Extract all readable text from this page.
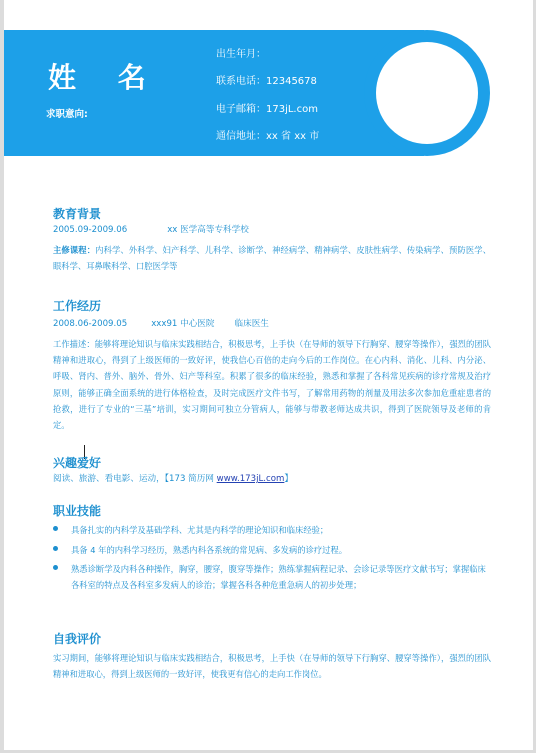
姓 名
求职意向:
出生年月：
联系电话：12345678
电子邮箱：173jL.com
通信地址：xx 省 xx 市
教育背景
2005.09-2009.06	xx 医学高等专科学校
主修课程：内科学、外科学、妇产科学、儿科学、诊断学、神经病学、精神病学、皮肤性病学、传染病学、预防医学、眼科学、耳鼻喉科学、口腔医学等
工作经历
2008.06-2009.05	xxx91 中心医院 临床医生
工作描述：能够将理论知识与临床实践相结合，积极思考，上手快（在导师的领导下行胸穿、腰穿等操作），强烈的团队精神和进取心，得到了上级医师的一致好评，使我信心百倍的走向今后的工作岗位。在心内科、消化、儿科、内分泌、呼吸、肾内、普外、脑外、骨外、妇产等科室。积累了很多的临床经验，熟悉和掌握了各科常见疾病的诊疗常规及治疗原则，能够正确全面系统的进行体格检查，及时完成医疗文件书写，了解常用药物的剂量及用法多次参加危重症患者的抢救，进行了专业的“三基”培训，实习期间可独立分管病人，能够与带教老师达成共识，得到了医院领导及老师的肯定。
兴趣爱好
阅读、旅游、看电影、运动，【173 简历网 www.173jL.com】
职业技能
具备扎实的内科学及基础学科、尤其是内科学的理论知识和临床经验；
具备 4 年的内科学习经历，熟悉内科各系统的常见病、多发病的诊疗过程。
熟悉诊断学及内科各种操作，胸穿，腰穿，腹穿等操作；熟练掌握病程记录、会诊记录等医疗文献书写；掌握临床各科室的特点及各科室多发病人的诊治；掌握各科各种危重急病人的初步处理；
自我评价
实习期间，能够将理论知识与临床实践相结合，积极思考，上手快（在导师的领导下行胸穿、腰穿等操作），强烈的团队精神和进取心，得到上级医师的一致好评，使我更有信心的走向工作岗位。
